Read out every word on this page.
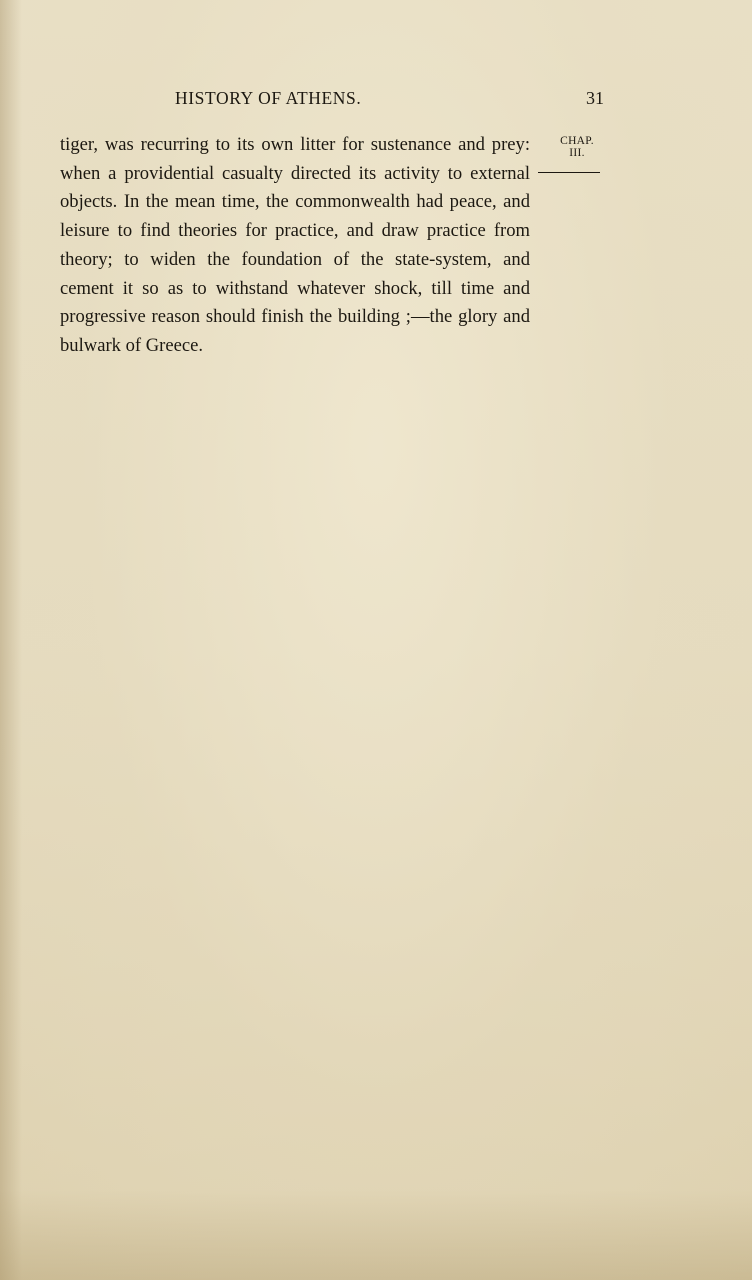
HISTORY OF ATHENS.	31

tiger, was recurring to its own litter for sustenance and prey: when a providential casualty directed its activity to external objects. In the mean time, the commonwealth had peace, and leisure to find theories for practice, and draw practice from theory; to widen the foundation of the state-system, and cement it so as to withstand whatever shock, till time and progressive reason should finish the building ;—the glory and bulwark of Greece.

CHAP.
III.
